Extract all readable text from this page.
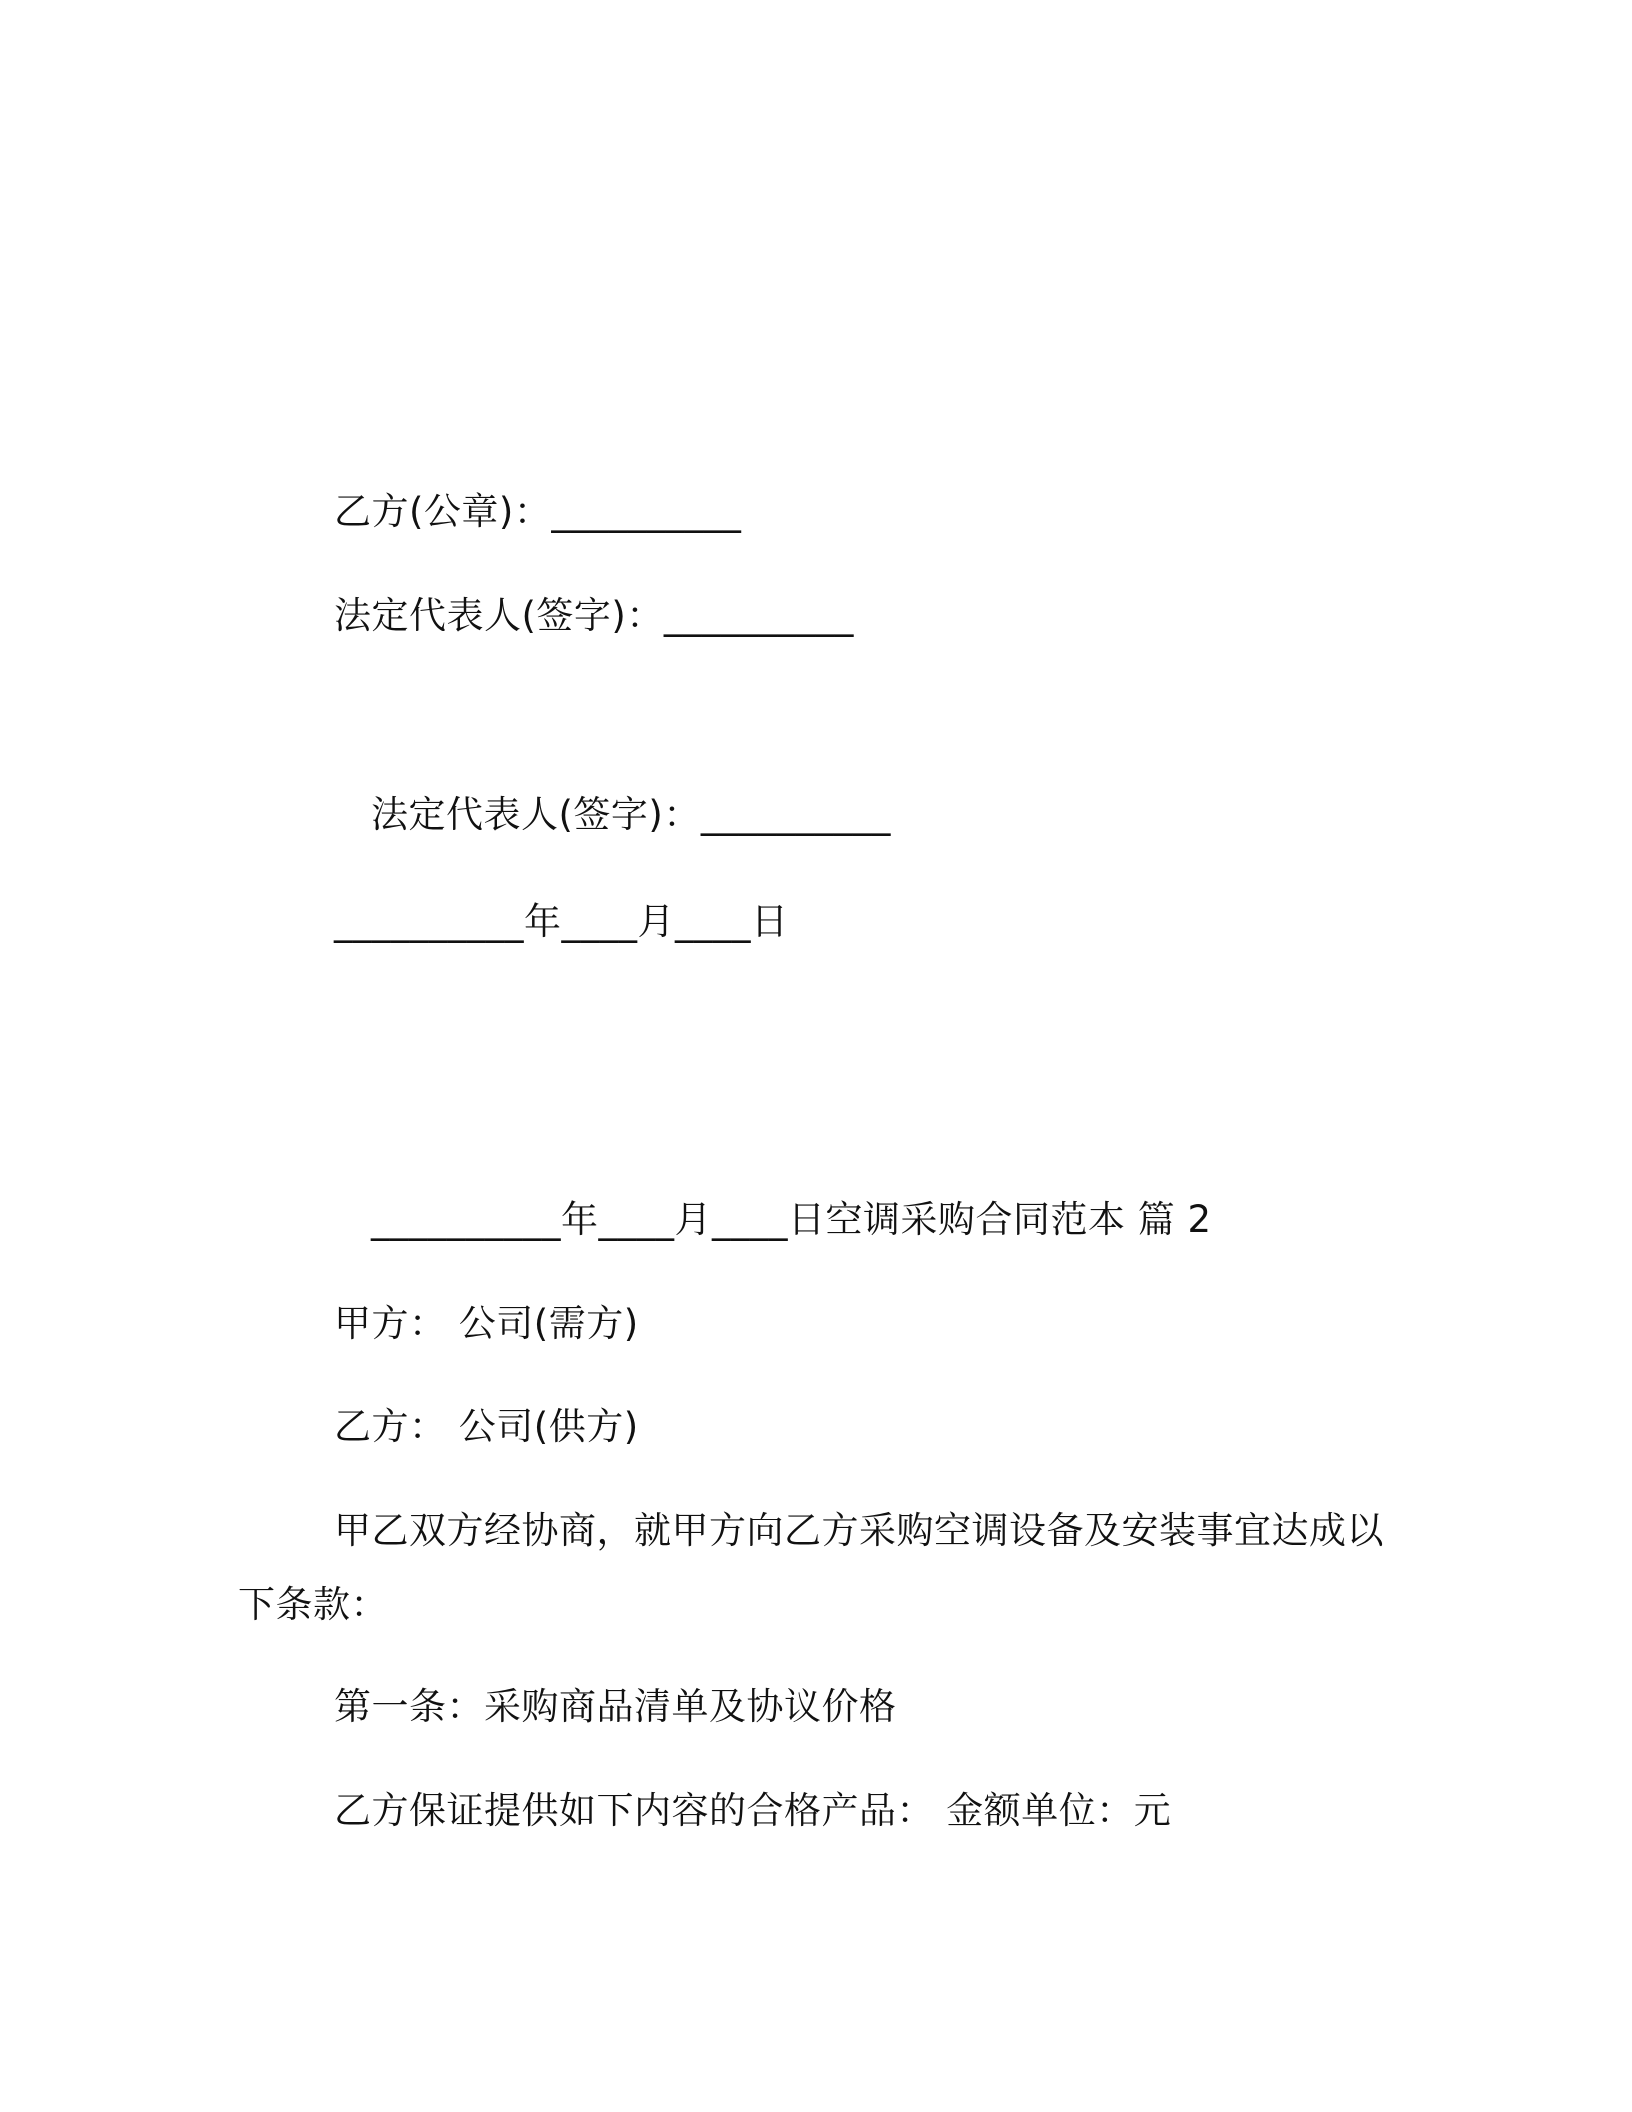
乙方(公章)：__________
法定代表人(签字)：__________
法定代表人(签字)：__________
__________年____月____日
__________年____月____日空调采购合同范本 篇 2
甲方： 公司(需方)
乙方： 公司(供方)
甲乙双方经协商，就甲方向乙方采购空调设备及安装事宜达成以
下条款：
第一条：采购商品清单及协议价格
乙方保证提供如下内容的合格产品： 金额单位：元
